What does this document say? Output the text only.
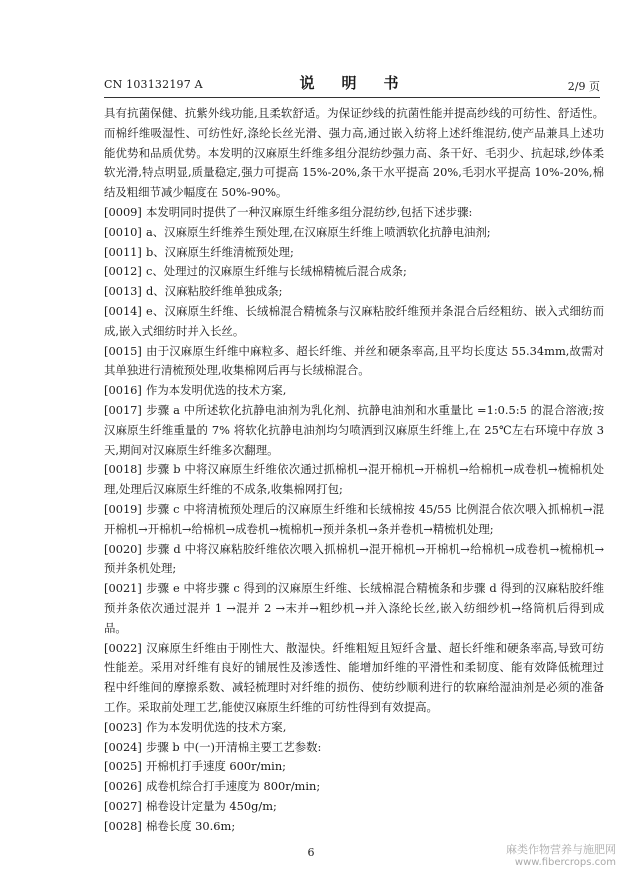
CN 103132197 A	说　明　书	2/9 页

具有抗菌保健、抗紫外线功能,且柔软舒适。为保证纱线的抗菌性能并提高纱线的可纺性、舒适性。而棉纤维吸湿性、可纺性好,涤纶长丝光滑、强力高,通过嵌入纺将上述纤维混纺,使产品兼具上述功能优势和品质优势。本发明的汉麻原生纤维多组分混纺纱强力高、条干好、毛羽少、抗起球,纱体柔软光滑,特点明显,质量稳定,强力可提高 15%-20%,条干水平提高 20%,毛羽水平提高 10%-20%,棉结及粗细节减少幅度在 50%-90%。

[0009] 本发明同时提供了一种汉麻原生纤维多组分混纺纱,包括下述步骤:

[0010] a、汉麻原生纤维养生预处理,在汉麻原生纤维上喷洒软化抗静电油剂;

[0011] b、汉麻原生纤维清梳预处理;

[0012] c、处理过的汉麻原生纤维与长绒棉精梳后混合成条;

[0013] d、汉麻粘胶纤维单独成条;

[0014] e、汉麻原生纤维、长绒棉混合精梳条与汉麻粘胶纤维预并条混合后经粗纺、嵌入式细纺而成,嵌入式细纺时并入长丝。

[0015] 由于汉麻原生纤维中麻粒多、超长纤维、并丝和硬条率高,且平均长度达 55.34mm,故需对其单独进行清梳预处理,收集棉网后再与长绒棉混合。

[0016] 作为本发明优选的技术方案,

[0017] 步骤 a 中所述软化抗静电油剂为乳化剂、抗静电油剂和水重量比 =1:0.5:5 的混合溶液;按汉麻原生纤维重量的 7% 将软化抗静电油剂均匀喷洒到汉麻原生纤维上,在 25℃左右环境中存放 3 天,期间对汉麻原生纤维多次翻理。

[0018] 步骤 b 中将汉麻原生纤维依次通过抓棉机→混开棉机→开棉机→给棉机→成卷机→梳棉机处理,处理后汉麻原生纤维的不成条,收集棉网打包;

[0019] 步骤 c 中将清梳预处理后的汉麻原生纤维和长绒棉按 45/55 比例混合依次喂入抓棉机→混开棉机→开棉机→给棉机→成卷机→梳棉机→预并条机→条并卷机→精梳机处理;

[0020] 步骤 d 中将汉麻粘胶纤维依次喂入抓棉机→混开棉机→开棉机→给棉机→成卷机→梳棉机→预并条机处理;

[0021] 步骤 e 中将步骤 c 得到的汉麻原生纤维、长绒棉混合精梳条和步骤 d 得到的汉麻粘胶纤维预并条依次通过混并 1 →混并 2 →末并→粗纱机→并入涤纶长丝,嵌入纺细纱机→络筒机后得到成品。

[0022] 汉麻原生纤维由于刚性大、散湿快。纤维粗短且短纤含量、超长纤维和硬条率高,导致可纺性能差。采用对纤维有良好的铺展性及渗透性、能增加纤维的平滑性和柔韧度、能有效降低梳理过程中纤维间的摩擦系数、减轻梳理时对纤维的损伤、使纺纱顺利进行的软麻给湿油剂是必须的准备工作。采取前处理工艺,能使汉麻原生纤维的可纺性得到有效提高。

[0023] 作为本发明优选的技术方案,

[0024] 步骤 b 中(一)开清棉主要工艺参数:

[0025] 开棉机打手速度 600r/min;

[0026] 成卷机综合打手速度为 800r/min;

[0027] 棉卷设计定量为 450g/m;

[0028] 棉卷长度 30.6m;

6	麻类作物营养与施肥网
www.fibercrops.com
